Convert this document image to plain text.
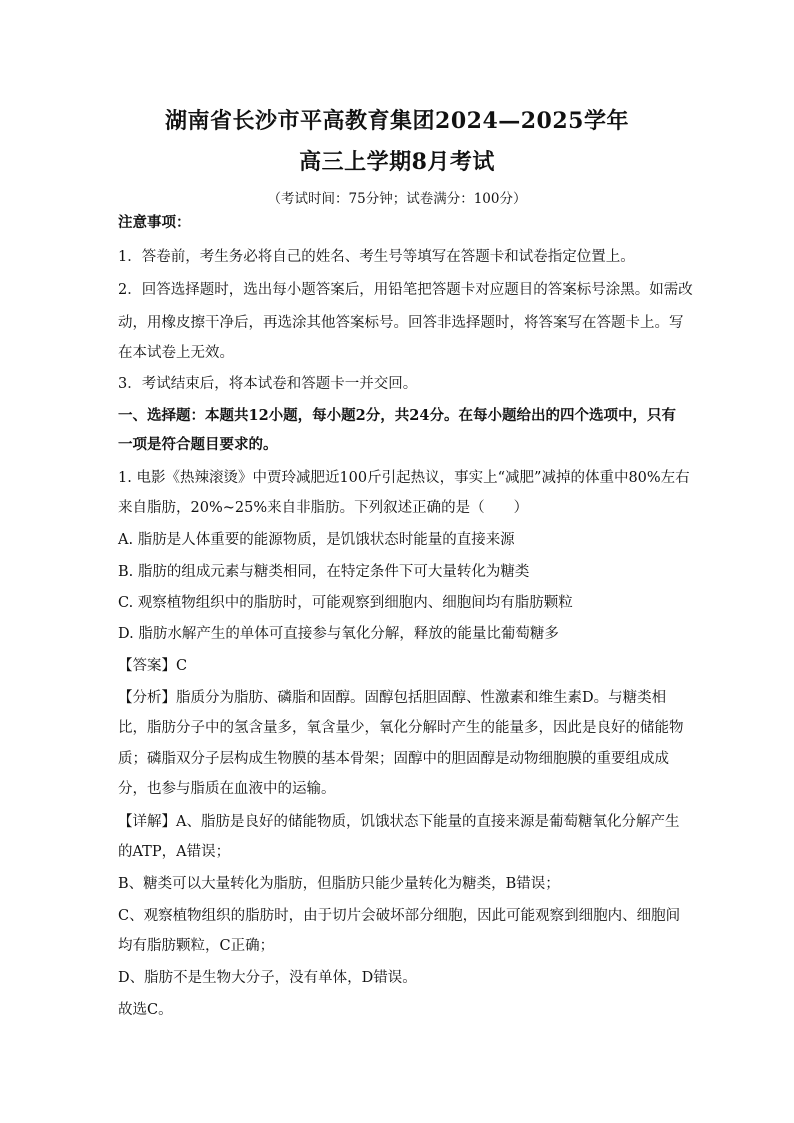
湖南省长沙市平高教育集团2024—2025学年
高三上学期8月考试
（考试时间：75分钟；试卷满分：100分）
注意事项：
1．答卷前，考生务必将自己的姓名、考生号等填写在答题卡和试卷指定位置上。
2．回答选择题时，选出每小题答案后，用铅笔把答题卡对应题目的答案标号涂黑。如需改
动，用橡皮擦干净后，再选涂其他答案标号。回答非选择题时，将答案写在答题卡上。写
在本试卷上无效。
3．考试结束后，将本试卷和答题卡一并交回。
一、选择题：本题共12小题，每小题2分，共24分。在每小题给出的四个选项中，只有
一项是符合题目要求的。
1. 电影《热辣滚烫》中贾玲减肥近100斤引起热议，事实上“减肥”减掉的体重中80%左右
来自脂肪，20%~25%来自非脂肪。下列叙述正确的是（　　）
A. 脂肪是人体重要的能源物质，是饥饿状态时能量的直接来源
B. 脂肪的组成元素与糖类相同，在特定条件下可大量转化为糖类
C. 观察植物组织中的脂肪时，可能观察到细胞内、细胞间均有脂肪颗粒
D. 脂肪水解产生的单体可直接参与氧化分解，释放的能量比葡萄糖多
【答案】C
【分析】脂质分为脂肪、磷脂和固醇。固醇包括胆固醇、性激素和维生素D。与糖类相
比，脂肪分子中的氢含量多，氧含量少，氧化分解时产生的能量多，因此是良好的储能物
质；磷脂双分子层构成生物膜的基本骨架；固醇中的胆固醇是动物细胞膜的重要组成成
分，也参与脂质在血液中的运输。
【详解】A、脂肪是良好的储能物质，饥饿状态下能量的直接来源是葡萄糖氧化分解产生
的ATP，A错误；
B、糖类可以大量转化为脂肪，但脂肪只能少量转化为糖类，B错误；
C、观察植物组织的脂肪时，由于切片会破坏部分细胞，因此可能观察到细胞内、细胞间
均有脂肪颗粒，C正确；
D、脂肪不是生物大分子，没有单体，D错误。
故选C。
